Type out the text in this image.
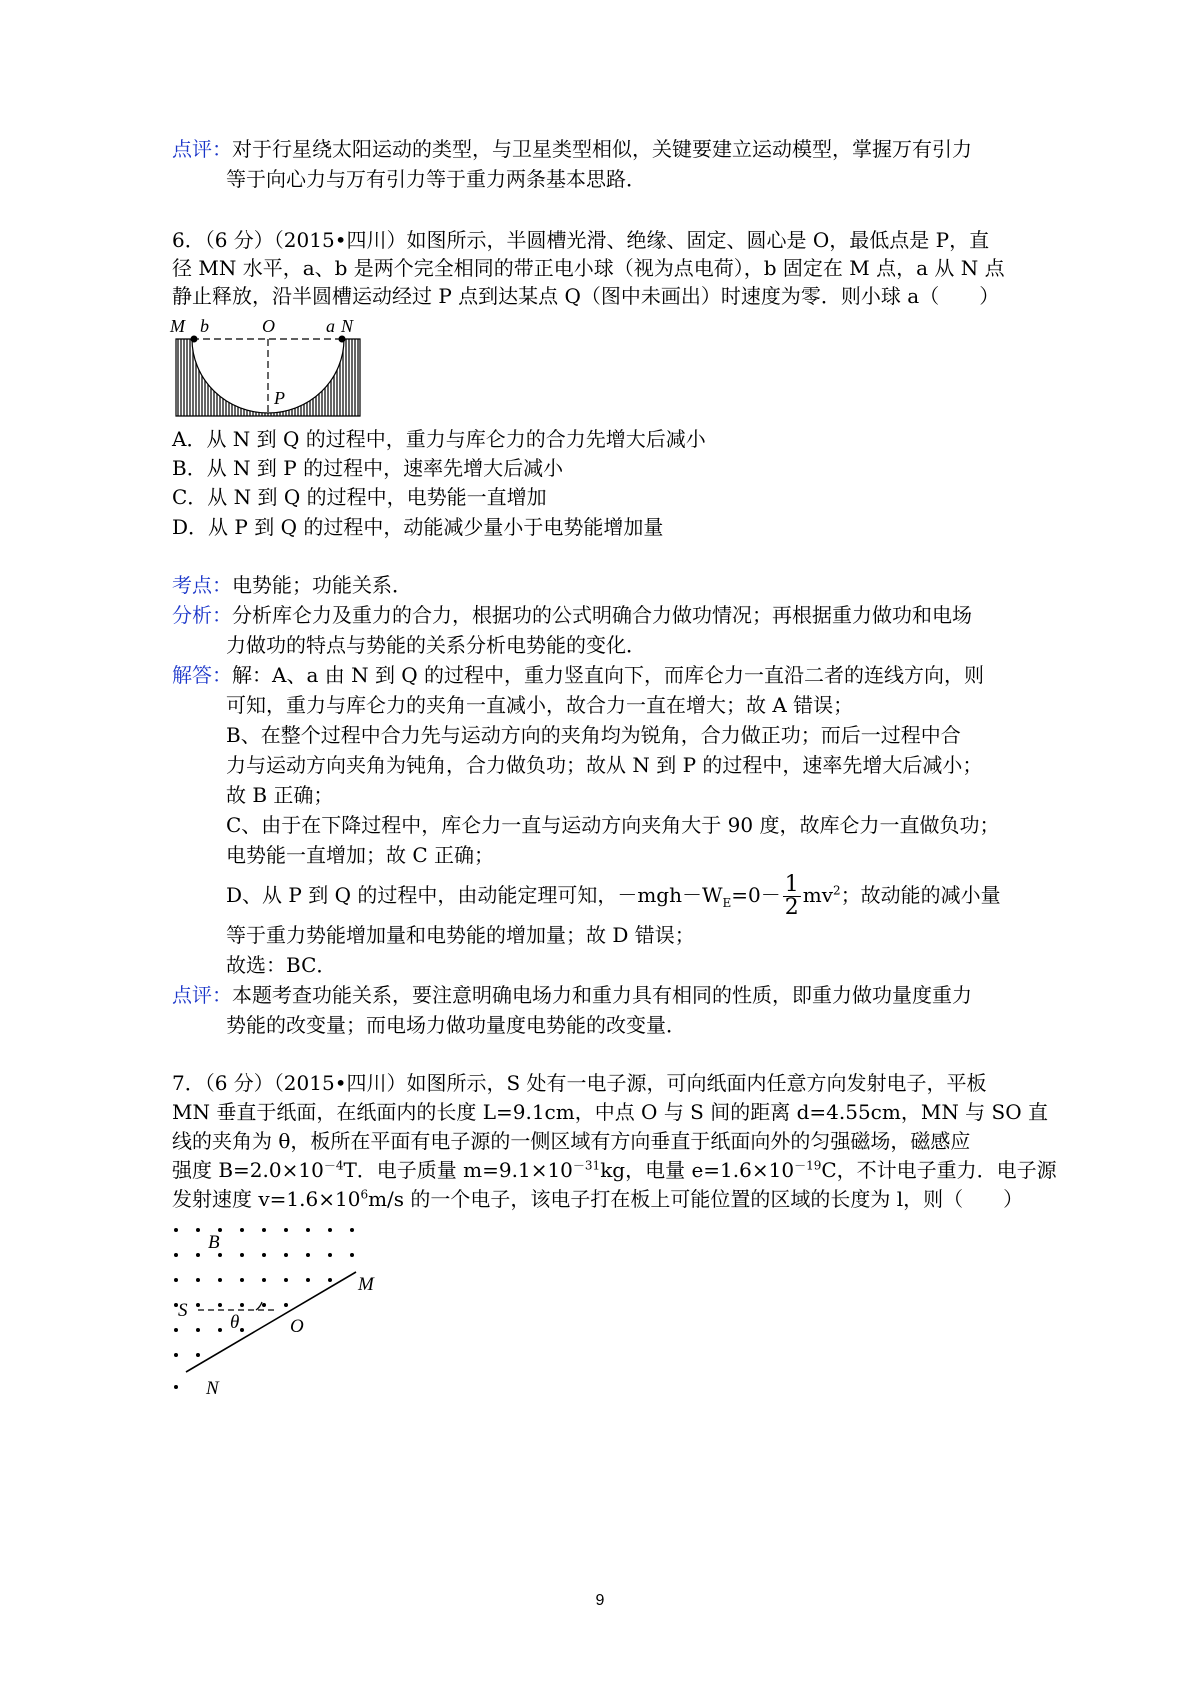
点评：对于行星绕太阳运动的类型，与卫星类型相似，关键要建立运动模型，掌握万有引力
等于向心力与万有引力等于重力两条基本思路．
6．（6 分）（2015•四川）如图所示，半圆槽光滑、绝缘、固定、圆心是 O，最低点是 P，直
径 MN 水平，a、b 是两个完全相同的带正电小球（视为点电荷），b 固定在 M 点，a 从 N 点
静止释放，沿半圆槽运动经过 P 点到达某点 Q（图中未画出）时速度为零．则小球 a（　　）
M b	O	a N
P
A．从 N 到 Q 的过程中，重力与库仑力的合力先增大后减小
B．从 N 到 P 的过程中，速率先增大后减小
C．从 N 到 Q 的过程中，电势能一直增加
D．从 P 到 Q 的过程中，动能减少量小于电势能增加量
考点：电势能；功能关系．
分析：分析库仑力及重力的合力，根据功的公式明确合力做功情况；再根据重力做功和电场
力做功的特点与势能的关系分析电势能的变化．
解答：解：A、a 由 N 到 Q 的过程中，重力竖直向下，而库仑力一直沿二者的连线方向，则
可知，重力与库仑力的夹角一直减小，故合力一直在增大；故 A 错误；
B、在整个过程中合力先与运动方向的夹角均为锐角，合力做正功；而后一过程中合
力与运动方向夹角为钝角，合力做负功；故从 N 到 P 的过程中，速率先增大后减小；
故 B 正确；
C、由于在下降过程中，库仑力一直与运动方向夹角大于 90 度，故库仑力一直做负功；
电势能一直增加；故 C 正确；
D、从 P 到 Q 的过程中，由动能定理可知，$-mgh-W_E=0- \frac{1}{2} mv^2$；故动能的减小量
等于重力势能增加量和电势能的增加量；故 D 错误；
故选：BC．
点评：本题考查功能关系，要注意明确电场力和重力具有相同的性质，即重力做功量度重力
势能的改变量；而电场力做功量度电势能的改变量．
7．（6 分）（2015•四川）如图所示，S 处有一电子源，可向纸面内任意方向发射电子，平板
MN 垂直于纸面，在纸面内的长度 L=9.1cm，中点 O 与 S 间的距离 d=4.55cm，MN 与 SO 直
线的夹角为 θ，板所在平面有电子源的一侧区域有方向垂直于纸面向外的匀强磁场，磁感应
强度 $B=2.0\times 10^{-4}T$．电子质量 $m=9.1\times 10^{-31}kg$，电量 $e=1.6\times 10^{-19}C$，不计电子重力．电子源
发射速度 $v=1.6\times 10^6m/s$ 的一个电子，该电子打在板上可能位置的区域的长度为 l，则（　　）
B
M
S
θ	O
N
9
